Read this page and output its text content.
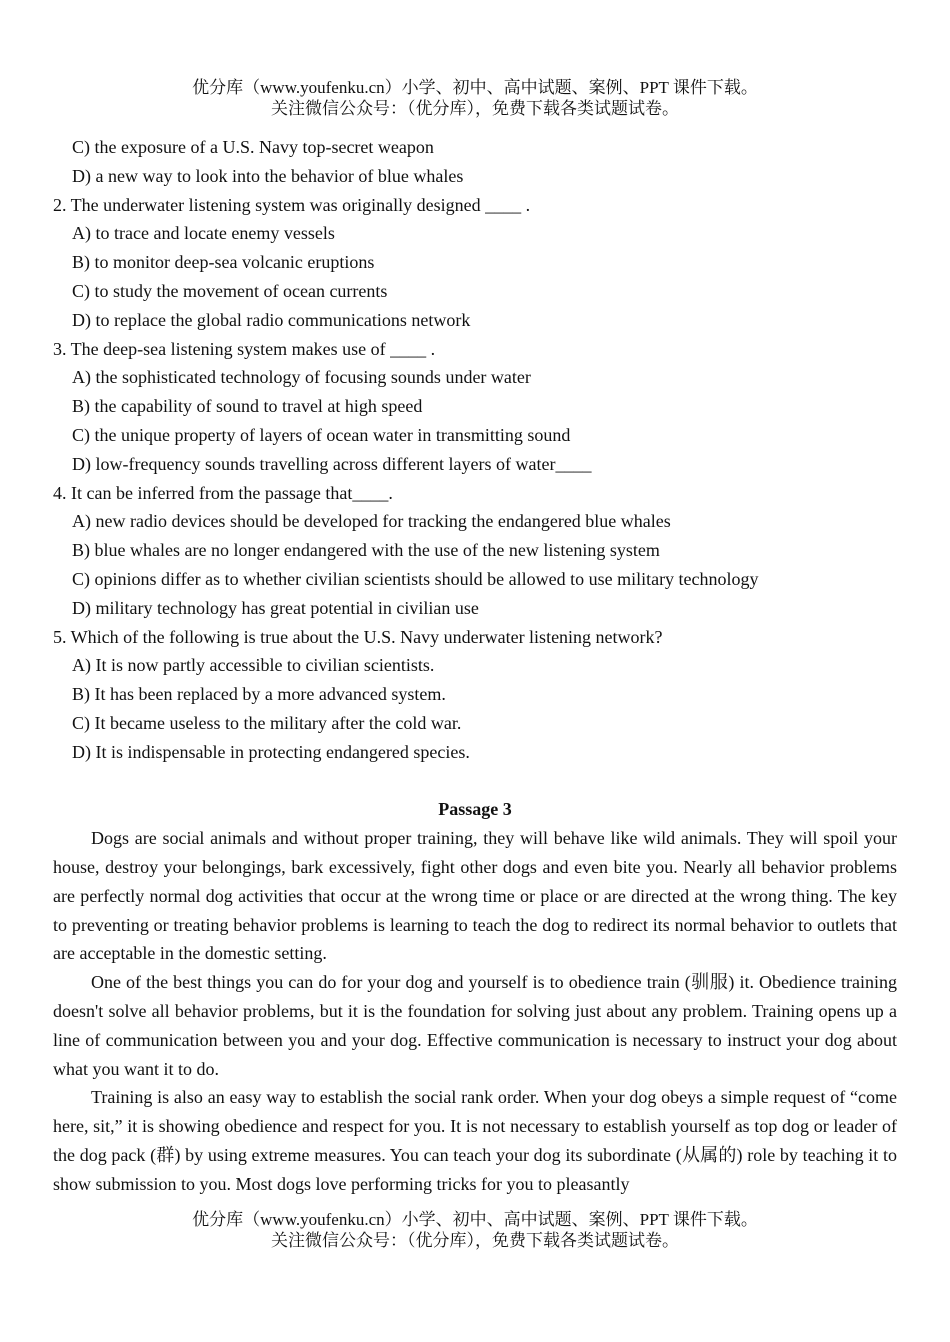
优分库（www.youfenku.cn）小学、初中、高中试题、案例、PPT 课件下载。
关注微信公众号：（优分库），免费下载各类试题试卷。

C) the exposure of a U.S. Navy top-secret weapon

D) a new way to look into the behavior of blue whales

2. The underwater listening system was originally designed ____ .

A) to trace and locate enemy vessels

B) to monitor deep-sea volcanic eruptions

C) to study the movement of ocean currents

D) to replace the global radio communications network

3. The deep-sea listening system makes use of ____ .

A) the sophisticated technology of focusing sounds under water

B) the capability of sound to travel at high speed

C) the unique property of layers of ocean water in transmitting sound

D) low-frequency sounds travelling across different layers of water____

4. It can be inferred from the passage that____.

A) new radio devices should be developed for tracking the endangered blue whales

B) blue whales are no longer endangered with the use of the new listening system

C) opinions differ as to whether civilian scientists should be allowed to use military technology

D) military technology has great potential in civilian use

5. Which of the following is true about the U.S. Navy underwater listening network?

A) It is now partly accessible to civilian scientists.

B) It has been replaced by a more advanced system.

C) It became useless to the military after the cold war.

D) It is indispensable in protecting endangered species.

Passage 3

Dogs are social animals and without proper training, they will behave like wild animals. They will spoil your house, destroy your belongings, bark excessively, fight other dogs and even bite you. Nearly all behavior problems are perfectly normal dog activities that occur at the wrong time or place or are directed at the wrong thing. The key to preventing or treating behavior problems is learning to teach the dog to redirect its normal behavior to outlets that are acceptable in the domestic setting.

One of the best things you can do for your dog and yourself is to obedience train (驯服) it. Obedience training doesn't solve all behavior problems, but it is the foundation for solving just about any problem. Training opens up a line of communication between you and your dog. Effective communication is necessary to instruct your dog about what you want it to do.

Training is also an easy way to establish the social rank order. When your dog obeys a simple request of “come here, sit,” it is showing obedience and respect for you. It is not necessary to establish yourself as top dog or leader of the dog pack (群) by using extreme measures. You can teach your dog its subordinate (从属的) role by teaching it to show submission to you. Most dogs love performing tricks for you to pleasantly

优分库（www.youfenku.cn）小学、初中、高中试题、案例、PPT 课件下载。
关注微信公众号：（优分库），免费下载各类试题试卷。
